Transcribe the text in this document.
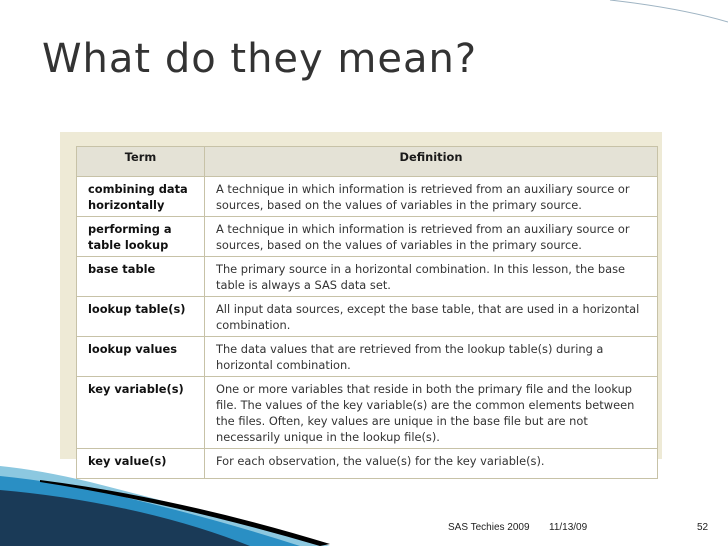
What do they mean?
Term	Definition
combining data horizontally	A technique in which information is retrieved from an auxiliary source or sources, based on the values of variables in the primary source.
performing a table lookup	A technique in which information is retrieved from an auxiliary source or sources, based on the values of variables in the primary source.
base table	The primary source in a horizontal combination. In this lesson, the base table is always a SAS data set.
lookup table(s)	All input data sources, except the base table, that are used in a horizontal combination.
lookup values	The data values that are retrieved from the lookup table(s) during a horizontal combination.
key variable(s)	One or more variables that reside in both the primary file and the lookup file. The values of the key variable(s) are the common elements between the files. Often, key values are unique in the base file but are not necessarily unique in the lookup file(s).
key value(s)	For each observation, the value(s) for the key variable(s).
SAS Techies 2009 11/13/09	52
